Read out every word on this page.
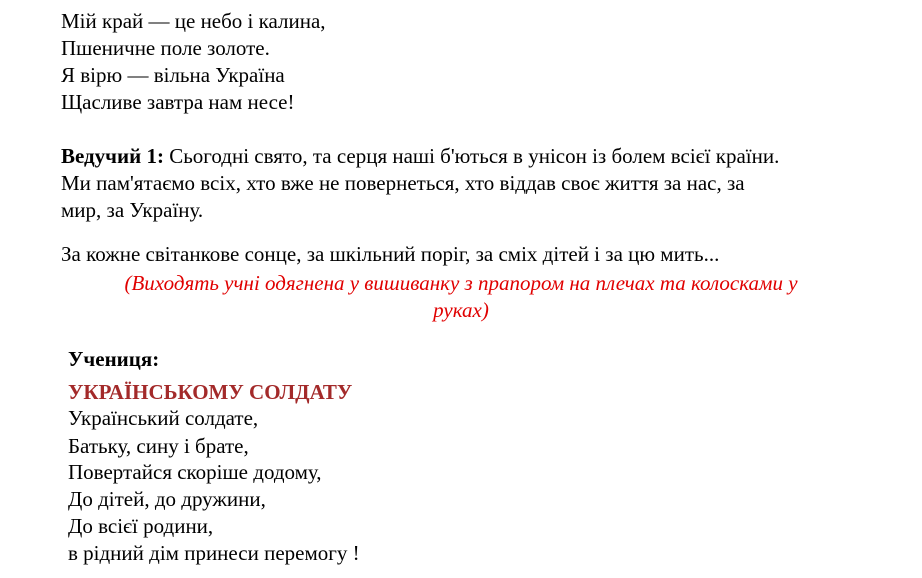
Мій край — це небо і калина,
Пшеничне поле золоте.
Я вірю — вільна Україна
Щасливе завтра нам несе!
Ведучий 1: Сьогодні свято, та серця наші б'ються в унісон із болем всієї країни.
Ми пам'ятаємо всіх, хто вже не повернеться, хто віддав своє життя за нас, за
мир, за Україну.
За кожне світанкове сонце, за шкільний поріг, за сміх дітей і за цю мить...
(Виходять учні одягнена у вишиванку з прапором на плечах та колосками у
руках)
Учениця:
УКРАЇНСЬКОМУ СОЛДАТУ
Український солдате,
Батьку, сину і брате,
Повертайся скоріше додому,
До дітей, до дружини,
До всієї родини,
в рідний дім принеси перемогу !
